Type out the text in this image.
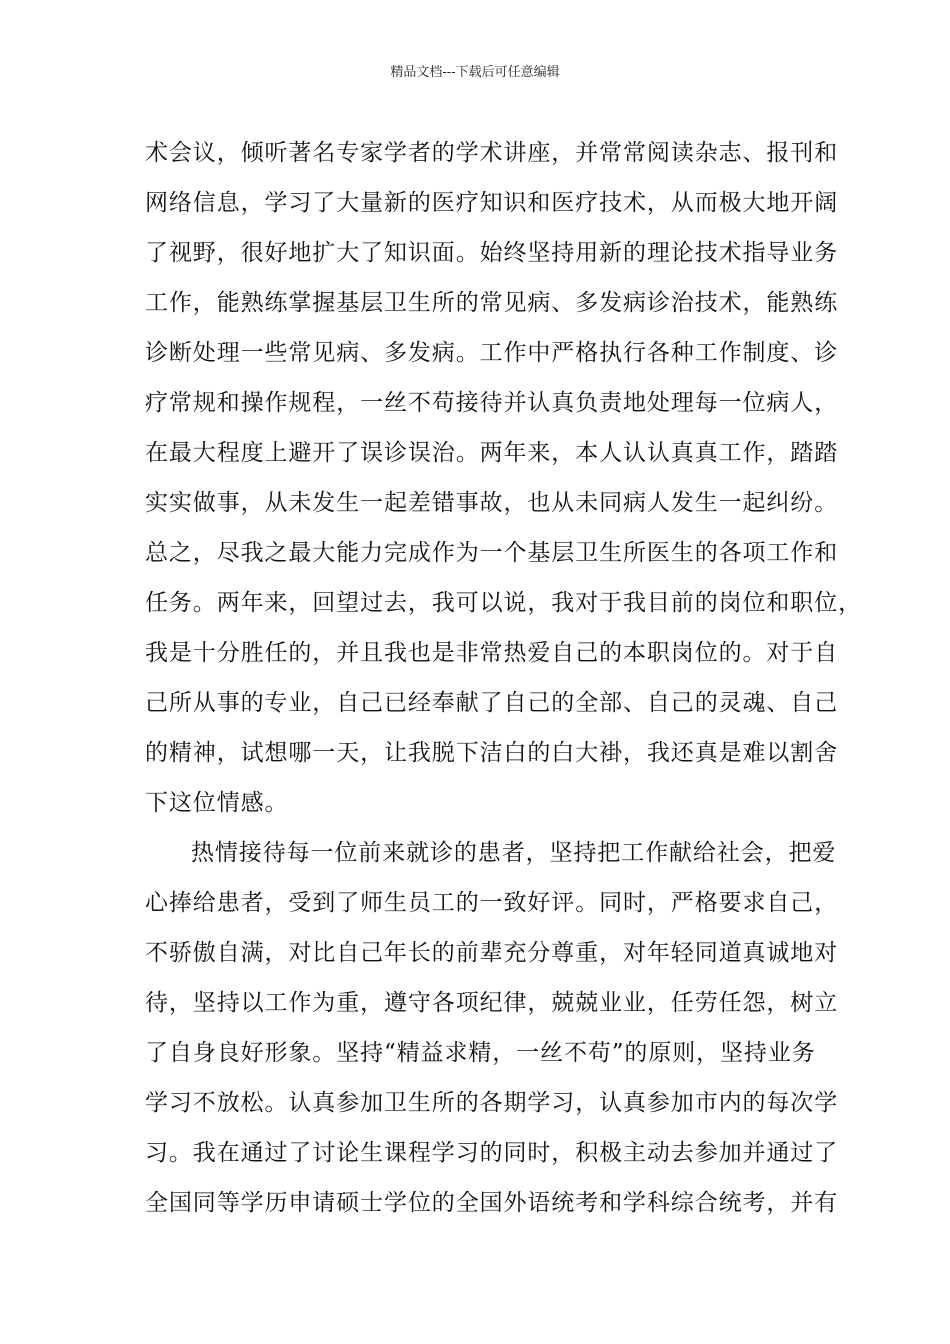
精品文档---下载后可任意编辑
术会议，倾听著名专家学者的学术讲座，并常常阅读杂志、报刊和
网络信息，学习了大量新的医疗知识和医疗技术，从而极大地开阔
了视野，很好地扩大了知识面。始终坚持用新的理论技术指导业务
工作，能熟练掌握基层卫生所的常见病、多发病诊治技术，能熟练
诊断处理一些常见病、多发病。工作中严格执行各种工作制度、诊
疗常规和操作规程，一丝不苟接待并认真负责地处理每一位病人，
在最大程度上避开了误诊误治。两年来，本人认认真真工作，踏踏
实实做事，从未发生一起差错事故，也从未同病人发生一起纠纷。
总之，尽我之最大能力完成作为一个基层卫生所医生的各项工作和
任务。两年来，回望过去，我可以说，我对于我目前的岗位和职位，
我是十分胜任的，并且我也是非常热爱自己的本职岗位的。对于自
己所从事的专业，自己已经奉献了自己的全部、自己的灵魂、自己
的精神，试想哪一天，让我脱下洁白的白大褂，我还真是难以割舍
下这位情感。
热情接待每一位前来就诊的患者，坚持把工作献给社会，把爱
心捧给患者，受到了师生员工的一致好评。同时，严格要求自己，
不骄傲自满，对比自己年长的前辈充分尊重，对年轻同道真诚地对
待，坚持以工作为重，遵守各项纪律，兢兢业业，任劳任怨，树立
了自身良好形象。坚持“精益求精，一丝不苟”的原则，坚持业务
学习不放松。认真参加卫生所的各期学习，认真参加市内的每次学
习。我在通过了讨论生课程学习的同时，积极主动去参加并通过了
全国同等学历申请硕士学位的全国外语统考和学科综合统考，并有
